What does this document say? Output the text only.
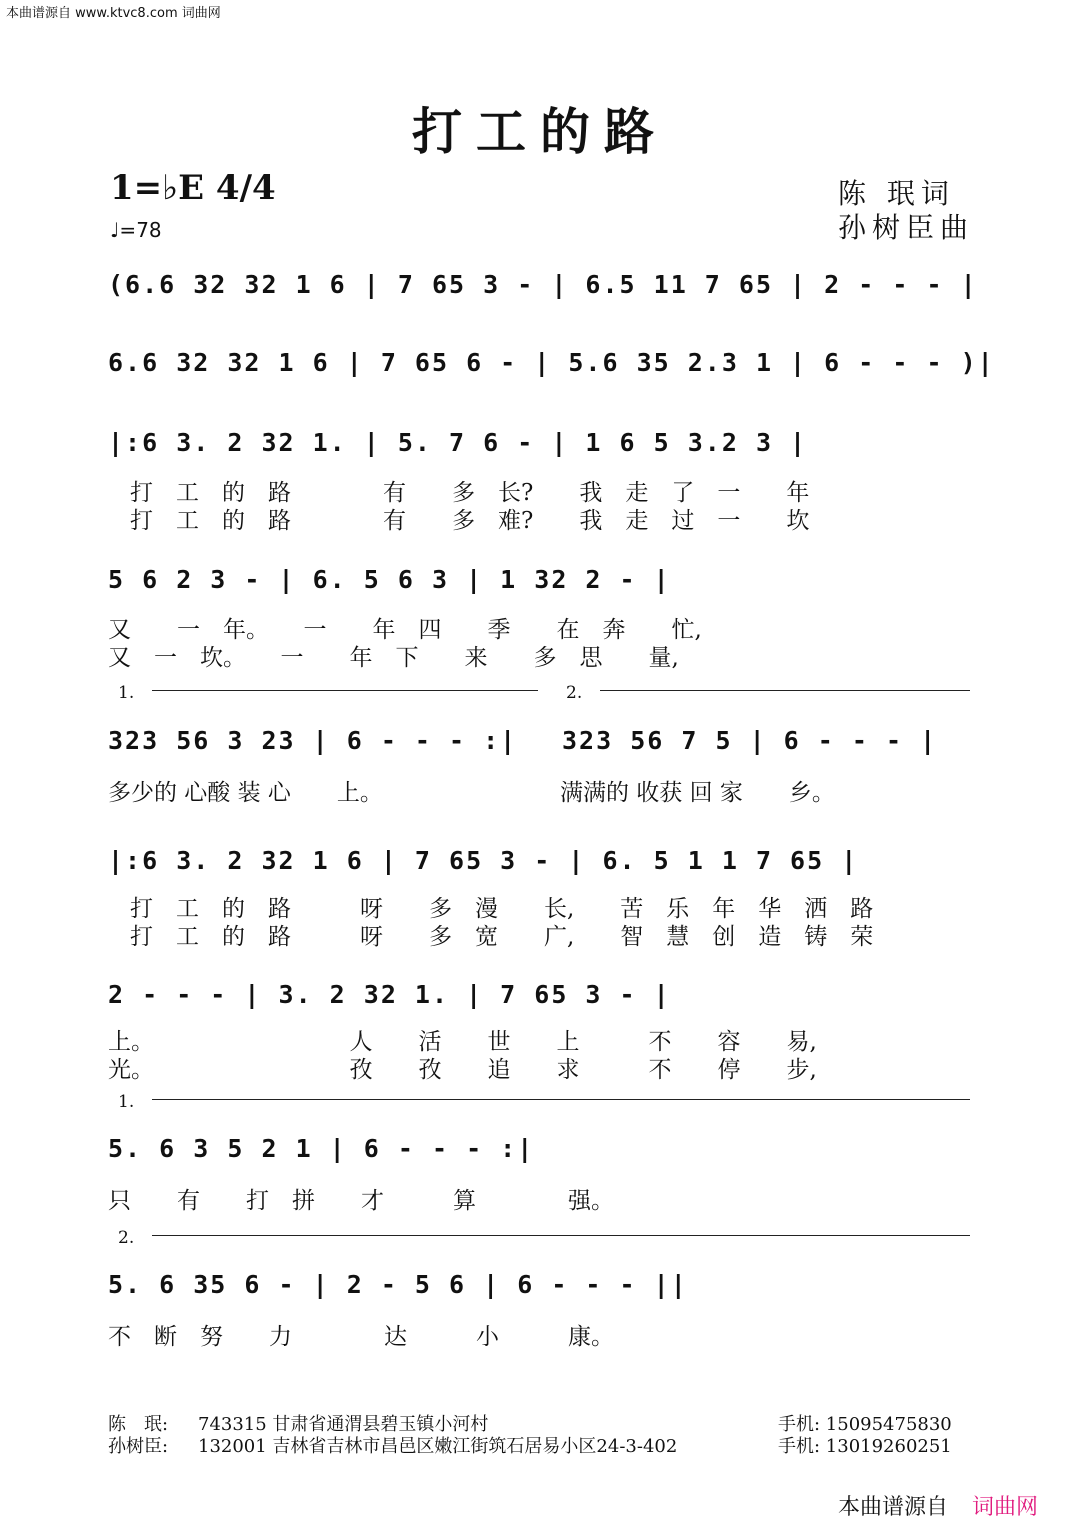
本曲谱源自 www.ktvc8.com 词曲网
打工的路
1=♭E 4/4
♩=78
陈 珉词
孙树臣曲
(6.6 32 32 1 6 | 7 65 3 - | 6.5 11 7 65 | 2 - - - |
6.6 32 32 1 6 | 7 65 6 - | 5.6 35 2.3 1 | 6 - - - )|
|:6 3. 2 32 1. | 5. 7 6 - | 1 6 5 3.2 3 |
打　工　的　路　　　　有　　多　长?　　我　走　了　一　　年
打　工　的　路　　　　有　　多　难?　　我　走　过　一　　坎
5 6 2 3 - | 6. 5 6 3 | 1 32 2 - |
又　　一　年。　　一　　年　四　　季　　在　奔　　忙,
又　一　坎。　　一　　年　下　　来　　多　思　　量,
1.	2.
323 56 3 23 | 6 - - - :| 323 56 7 5 | 6 - - - |
多少的 心酸 装 心　　上。	满满的 收获 回 家　　乡。
|:6 3. 2 32 1 6 | 7 65 3 - | 6. 5 1 1 7 65 |
打　工　的　路　　　呀　　多　漫　　长,　　苦　乐　年　华　洒　路
打　工　的　路　　　呀　　多　宽　　广,　　智　慧　创　造　铸　荣
2 - - - | 3. 2 32 1. | 7 65 3 - |
上。　　　　　　　　　人　　活　　世　　上　　　不　　容　　易,
光。　　　　　　　　　孜　　孜　　追　　求　　　不　　停　　步,
1.
5. 6 3 5 2 1 | 6 - - - :|
只　　有　　打　拼　　才　　　算　　　　强。
2.
5. 6 35 6 - | 2 - 5 6 | 6 - - - ||
不　断　努　　力　　　　达　　　小　　　康。
陈　珉: 743315 甘肃省通渭县碧玉镇小河村	手机: 15095475830
孙树臣: 132001 吉林省吉林市昌邑区嫩江街筑石居易小区24-3-402	手机: 13019260251
本曲谱源自 词曲网
